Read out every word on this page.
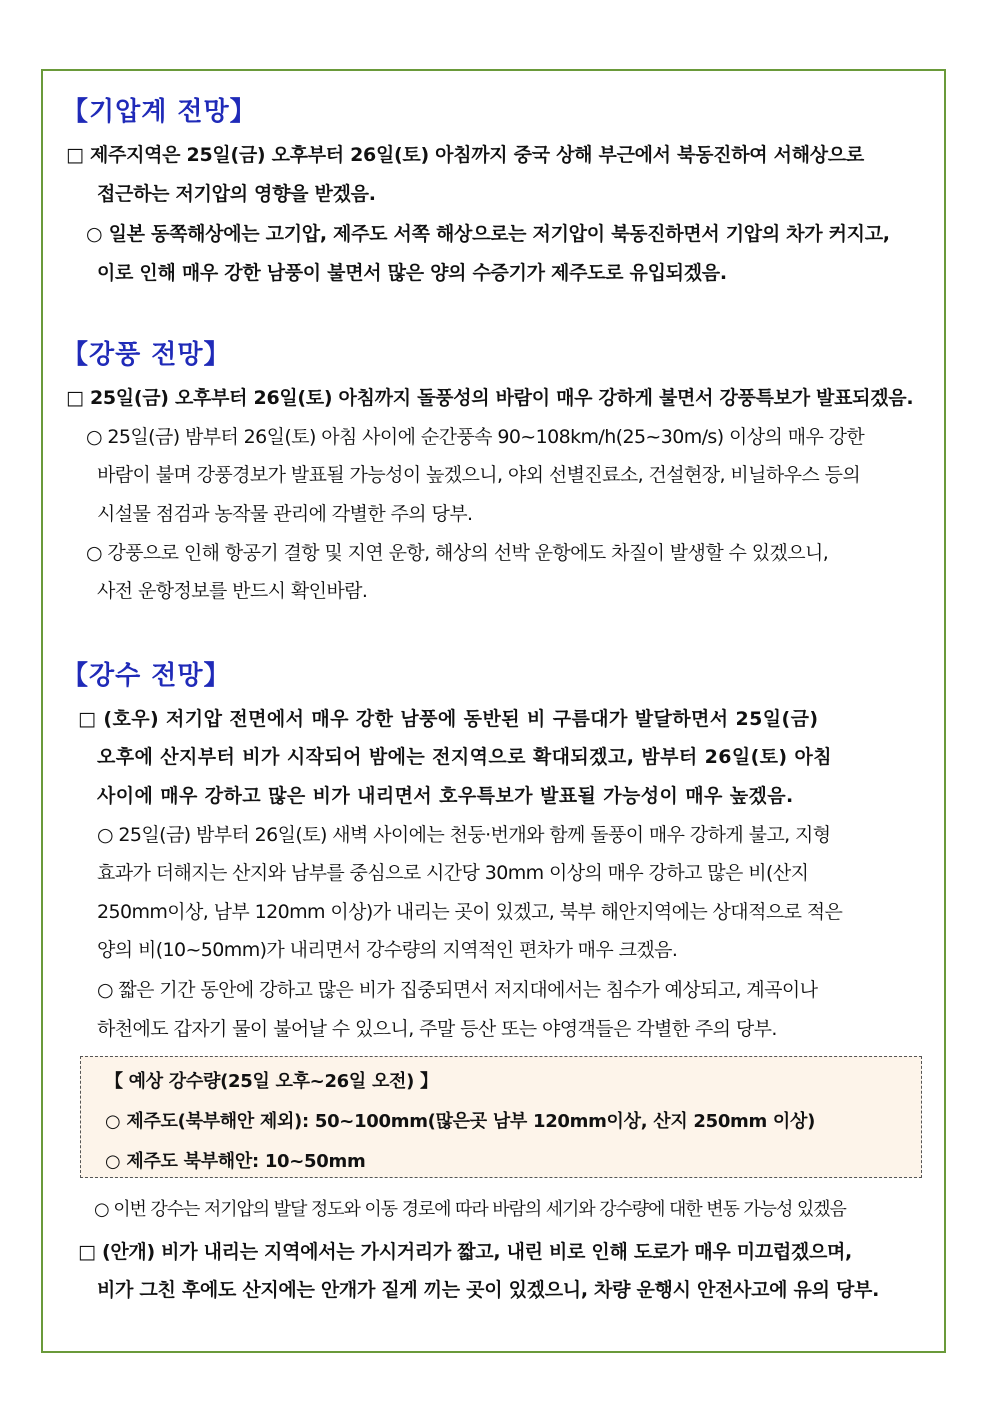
【기압계 전망】
□ 제주지역은 25일(금) 오후부터 26일(토) 아침까지 중국 상해 부근에서 북동진하여 서해상으로
접근하는 저기압의 영향을 받겠음.
○ 일본 동쪽해상에는 고기압, 제주도 서쪽 해상으로는 저기압이 북동진하면서 기압의 차가 커지고,
이로 인해 매우 강한 남풍이 불면서 많은 양의 수증기가 제주도로 유입되겠음.
【강풍 전망】
□ 25일(금) 오후부터 26일(토) 아침까지 돌풍성의 바람이 매우 강하게 불면서 강풍특보가 발표되겠음.
○ 25일(금) 밤부터 26일(토) 아침 사이에 순간풍속 90~108km/h(25~30m/s) 이상의 매우 강한
바람이 불며 강풍경보가 발표될 가능성이 높겠으니, 야외 선별진료소, 건설현장, 비닐하우스 등의
시설물 점검과 농작물 관리에 각별한 주의 당부.
○ 강풍으로 인해 항공기 결항 및 지연 운항, 해상의 선박 운항에도 차질이 발생할 수 있겠으니,
사전 운항정보를 반드시 확인바람.
【강수 전망】
□ (호우) 저기압 전면에서 매우 강한 남풍에 동반된 비 구름대가 발달하면서 25일(금)
오후에 산지부터 비가 시작되어 밤에는 전지역으로 확대되겠고, 밤부터 26일(토) 아침
사이에 매우 강하고 많은 비가 내리면서 호우특보가 발표될 가능성이 매우 높겠음.
○ 25일(금) 밤부터 26일(토) 새벽 사이에는 천둥·번개와 함께 돌풍이 매우 강하게 불고, 지형
효과가 더해지는 산지와 남부를 중심으로 시간당 30mm 이상의 매우 강하고 많은 비(산지
250mm이상, 남부 120mm 이상)가 내리는 곳이 있겠고, 북부 해안지역에는 상대적으로 적은
양의 비(10~50mm)가 내리면서 강수량의 지역적인 편차가 매우 크겠음.
○ 짧은 기간 동안에 강하고 많은 비가 집중되면서 저지대에서는 침수가 예상되고, 계곡이나
하천에도 갑자기 물이 불어날 수 있으니, 주말 등산 또는 야영객들은 각별한 주의 당부.
【 예상 강수량(25일 오후~26일 오전) 】
○ 제주도(북부해안 제외): 50~100mm(많은곳 남부 120mm이상, 산지 250mm 이상)
○ 제주도 북부해안: 10~50mm
○ 이번 강수는 저기압의 발달 정도와 이동 경로에 따라 바람의 세기와 강수량에 대한 변동 가능성 있겠음
□ (안개) 비가 내리는 지역에서는 가시거리가 짧고, 내린 비로 인해 도로가 매우 미끄럽겠으며,
비가 그친 후에도 산지에는 안개가 짙게 끼는 곳이 있겠으니, 차량 운행시 안전사고에 유의 당부.
